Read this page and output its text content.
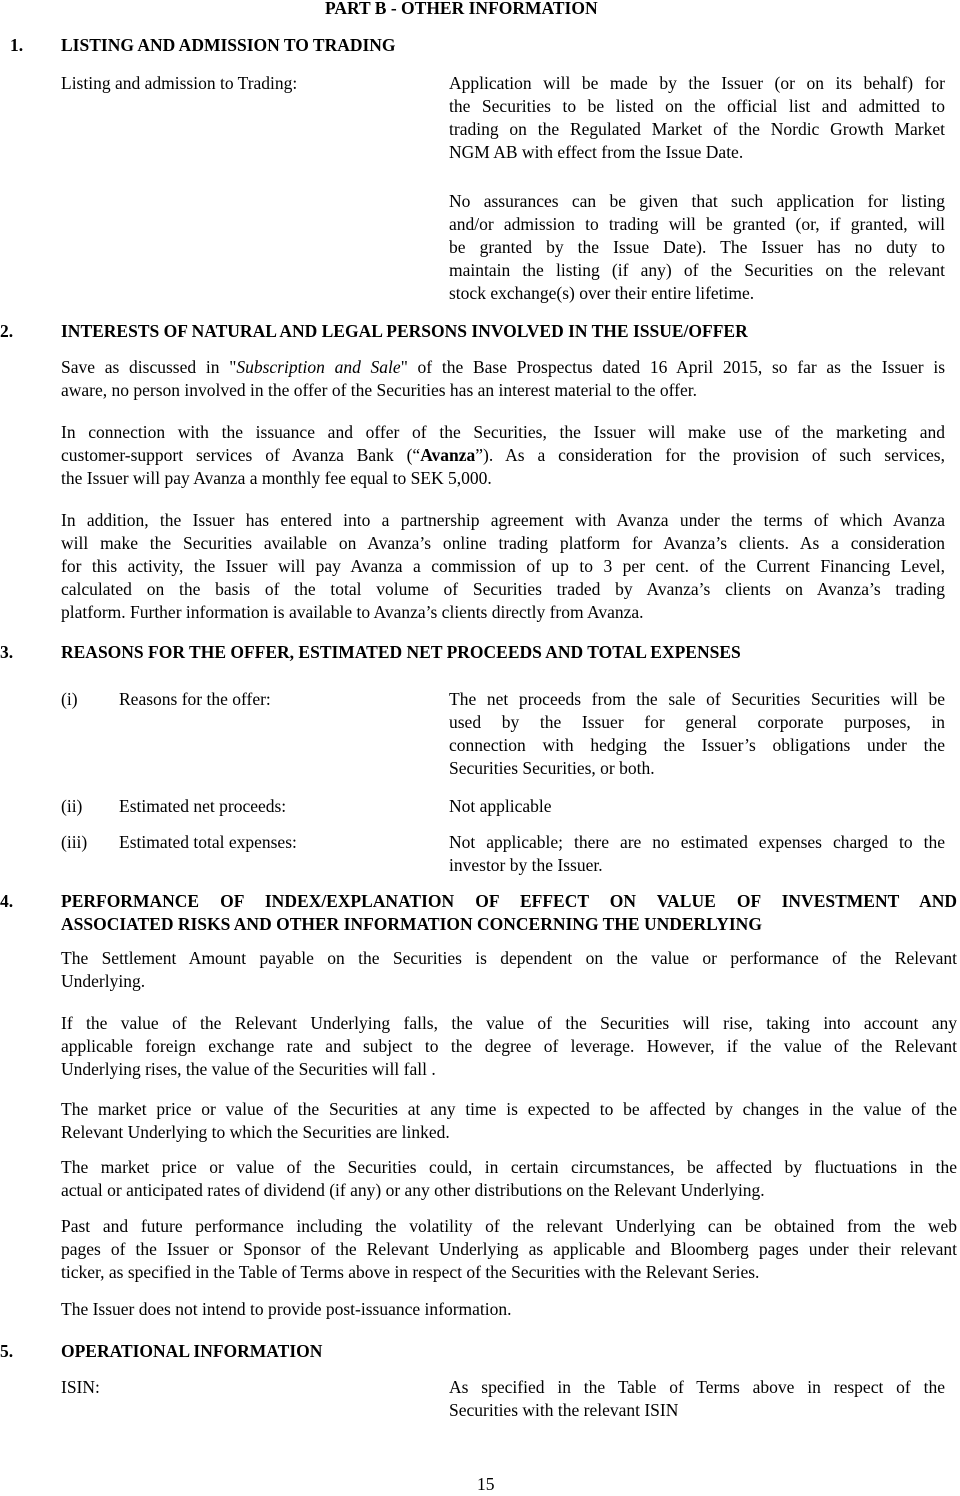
PART B - OTHER INFORMATION
1. LISTING AND ADMISSION TO TRADING
Listing and admission to Trading:	Application will be made by the Issuer (or on its behalf) for
the Securities to be listed on the official list and admitted to
trading on the Regulated Market of the Nordic Growth Market
NGM AB with effect from the Issue Date.
No assurances can be given that such application for listing
and/or admission to trading will be granted (or, if granted, will
be granted by the Issue Date). The Issuer has no duty to
maintain the listing (if any) of the Securities on the relevant
stock exchange(s) over their entire lifetime.
2.	INTERESTS OF NATURAL AND LEGAL PERSONS INVOLVED IN THE ISSUE/OFFER
Save as discussed in "Subscription and Sale" of the Base Prospectus dated 16 April 2015, so far as the Issuer is
aware, no person involved in the offer of the Securities has an interest material to the offer.
In connection with the issuance and offer of the Securities, the Issuer will make use of the marketing and
customer-support services of Avanza Bank (“Avanza”). As a consideration for the provision of such services,
the Issuer will pay Avanza a monthly fee equal to SEK 5,000.
In addition, the Issuer has entered into a partnership agreement with Avanza under the terms of which Avanza
will make the Securities available on Avanza’s online trading platform for Avanza’s clients. As a consideration
for this activity, the Issuer will pay Avanza a commission of up to 3 per cent. of the Current Financing Level,
calculated on the basis of the total volume of Securities traded by Avanza’s clients on Avanza’s trading
platform. Further information is available to Avanza’s clients directly from Avanza.
3.	REASONS FOR THE OFFER, ESTIMATED NET PROCEEDS AND TOTAL EXPENSES
(i) Reasons for the offer:	The net proceeds from the sale of Securities Securities will be
used by the Issuer for general corporate purposes, in
connection with hedging the Issuer’s obligations under the
Securities Securities, or both.
(ii) Estimated net proceeds:	Not applicable
(iii) Estimated total expenses:	Not applicable; there are no estimated expenses charged to the
investor by the Issuer.
4.	PERFORMANCE OF INDEX/EXPLANATION OF EFFECT ON VALUE OF INVESTMENT AND
ASSOCIATED RISKS AND OTHER INFORMATION CONCERNING THE UNDERLYING
The Settlement Amount payable on the Securities is dependent on the value or performance of the Relevant
Underlying.
If the value of the Relevant Underlying falls, the value of the Securities will rise, taking into account any
applicable foreign exchange rate and subject to the degree of leverage. However, if the value of the Relevant
Underlying rises, the value of the Securities will fall .
The market price or value of the Securities at any time is expected to be affected by changes in the value of the
Relevant Underlying to which the Securities are linked.
The market price or value of the Securities could, in certain circumstances, be affected by fluctuations in the
actual or anticipated rates of dividend (if any) or any other distributions on the Relevant Underlying.
Past and future performance including the volatility of the relevant Underlying can be obtained from the web
pages of the Issuer or Sponsor of the Relevant Underlying as applicable and Bloomberg pages under their relevant
ticker, as specified in the Table of Terms above in respect of the Securities with the Relevant Series.
The Issuer does not intend to provide post-issuance information.
5.	OPERATIONAL INFORMATION
ISIN:	As specified in the Table of Terms above in respect of the
Securities with the relevant ISIN
15
